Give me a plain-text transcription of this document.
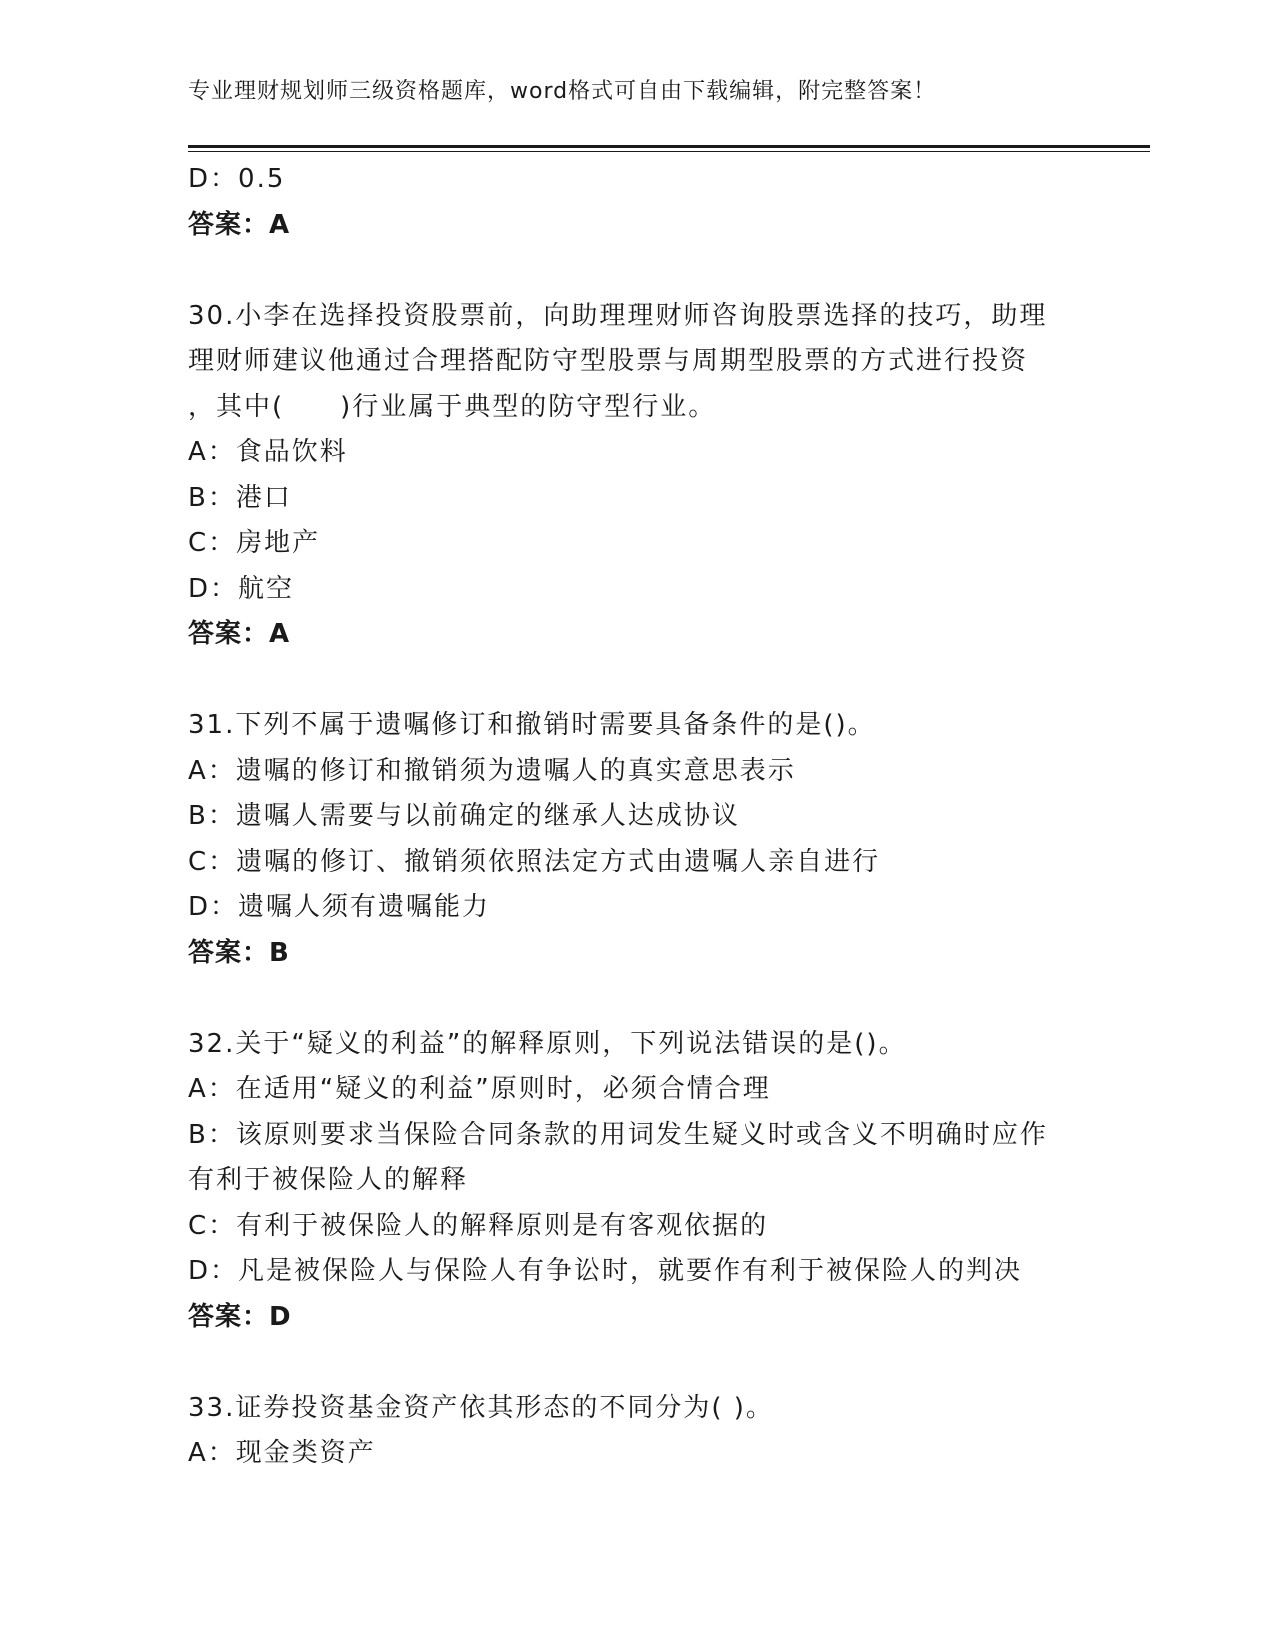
专业理财规划师三级资格题库，word格式可自由下载编辑，附完整答案！
D：0.5
答案：A
30.小李在选择投资股票前，向助理理财师咨询股票选择的技巧，助理
理财师建议他通过合理搭配防守型股票与周期型股票的方式进行投资
，其中(　　)行业属于典型的防守型行业。
A：食品饮料
B：港口
C：房地产
D：航空
答案：A
31.下列不属于遗嘱修订和撤销时需要具备条件的是()。
A：遗嘱的修订和撤销须为遗嘱人的真实意思表示
B：遗嘱人需要与以前确定的继承人达成协议
C：遗嘱的修订、撤销须依照法定方式由遗嘱人亲自进行
D：遗嘱人须有遗嘱能力
答案：B
32.关于“疑义的利益”的解释原则，下列说法错误的是()。
A：在适用“疑义的利益”原则时，必须合情合理
B：该原则要求当保险合同条款的用词发生疑义时或含义不明确时应作
有利于被保险人的解释
C：有利于被保险人的解释原则是有客观依据的
D：凡是被保险人与保险人有争讼时，就要作有利于被保险人的判决
答案：D
33.证券投资基金资产依其形态的不同分为( )。
A：现金类资产
